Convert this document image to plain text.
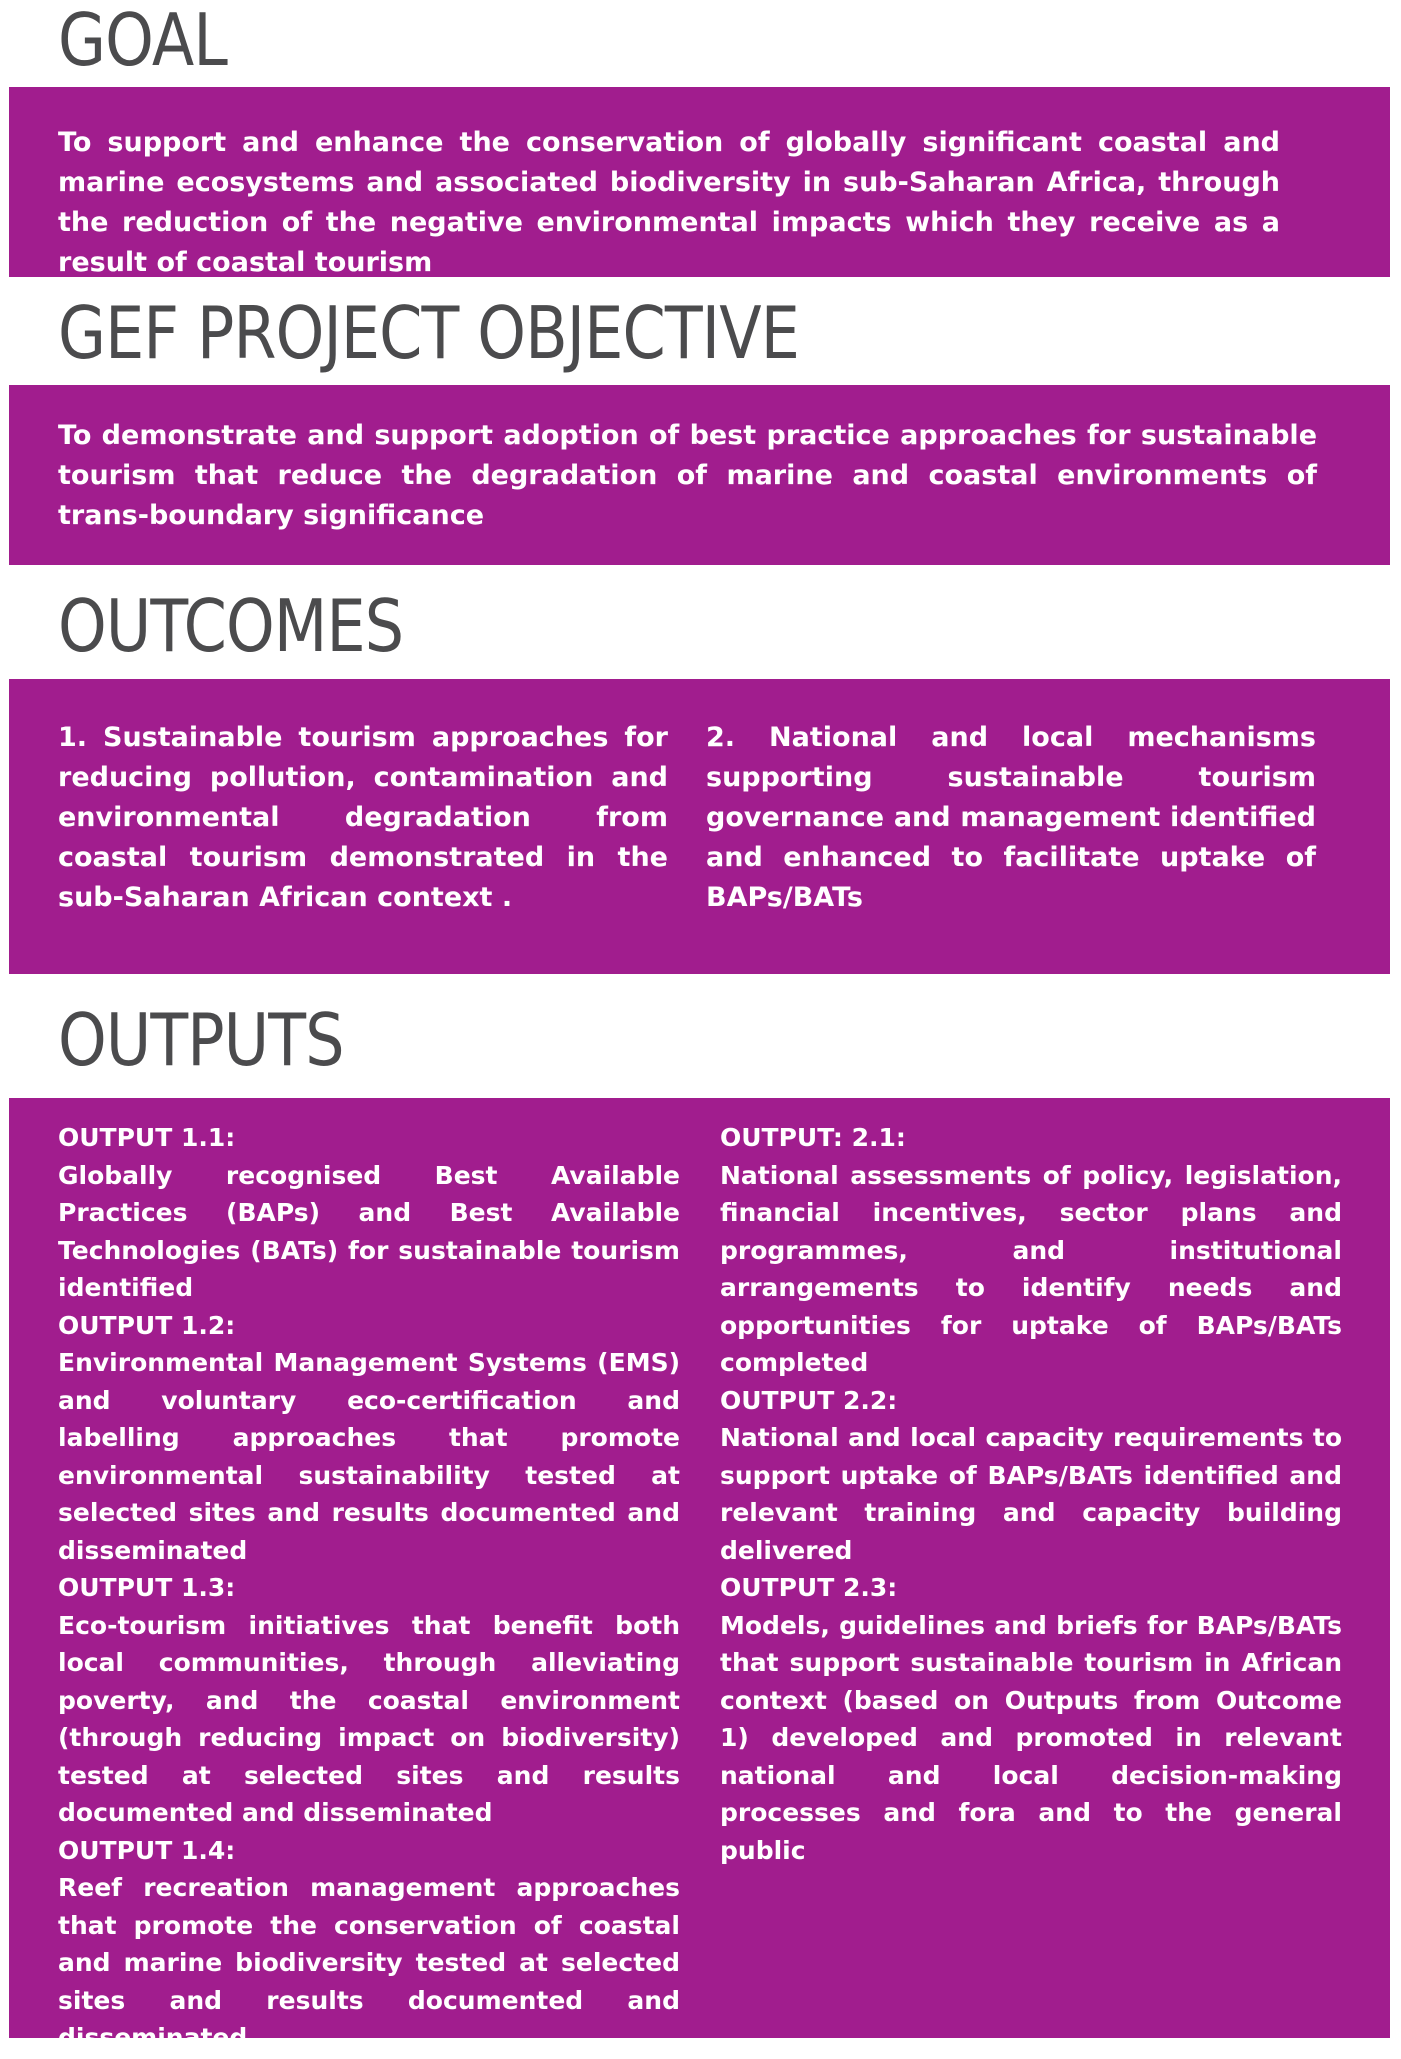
GOAL

To support and enhance the conservation of globally significant coastal and marine ecosystems and associated biodiversity in sub-Saharan Africa, through the reduction of the negative environmental impacts which they receive as a result of coastal tourism

GEF PROJECT OBJECTIVE

To demonstrate and support adoption of best practice approaches for sustainable tourism that reduce the degradation of marine and coastal environments of trans-boundary significance

OUTCOMES

1. Sustainable tourism approaches for reducing pollution, contamination and environmental degradation from coastal tourism demonstrated in the sub-Saharan African context .

2. National and local mechanisms supporting sustainable tourism governance and management identified and enhanced to facilitate uptake of BAPs/BATs

OUTPUTS
OUTPUT 1.1:
Globally recognised Best Available Practices (BAPs) and Best Available Technologies (BATs) for sustainable tourism identified
OUTPUT 1.2:
Environmental Management Systems (EMS) and voluntary eco-certification and labelling approaches that promote environmental sustainability tested at selected sites and results documented and disseminated
OUTPUT 1.3:
Eco-tourism initiatives that benefit both local communities, through alleviating poverty, and the coastal environment (through reducing impact on biodiversity) tested at selected sites and results documented and disseminated
OUTPUT 1.4:
Reef recreation management approaches that promote the conservation of coastal and marine biodiversity tested at selected sites and results documented and disseminated
OUTPUT: 2.1:
National assessments of policy, legislation, financial incentives, sector plans and programmes, and institutional arrangements to identify needs and opportunities for uptake of BAPs/BATs completed
OUTPUT 2.2:
National and local capacity requirements to support uptake of BAPs/BATs identified and relevant training and capacity building delivered
OUTPUT 2.3:
Models, guidelines and briefs for BAPs/BATs that support sustainable tourism in African context (based on Outputs from Outcome 1) developed and promoted in relevant national and local decision-making processes and fora and to the general public
